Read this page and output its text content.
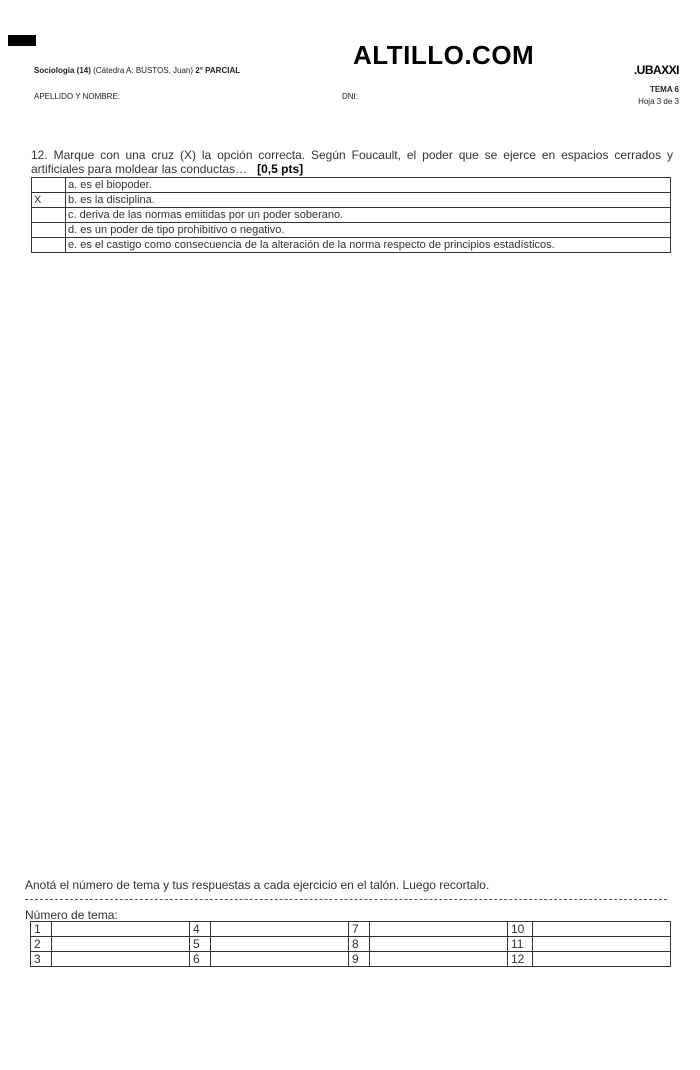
ALTILLO.COM
Sociología (14) (Cátedra A: BUSTOS, Juan) 2° PARCIAL	.UBAXXI
APELLIDO Y NOMBRE:	DNI:
TEMA 6
Hoja 3 de 3
12. Marque con una cruz (X) la opción correcta. Según Foucault, el poder que se ejerce en espacios cerrados y artificiales para moldear las conductas… [0,5 pts]
	a. es el biopoder.
X	b. es la disciplina.
	c. deriva de las normas emitidas por un poder soberano.
	d. es un poder de tipo prohibitivo o negativo.
	e. es el castigo como consecuencia de la alteración de la norma respecto de principios estadísticos.
Anotá el número de tema y tus respuestas a cada ejercicio en el talón. Luego recortalo.
Número de tema:
1		4		7		10	
2		5		8		11	
3		6		9		12	
